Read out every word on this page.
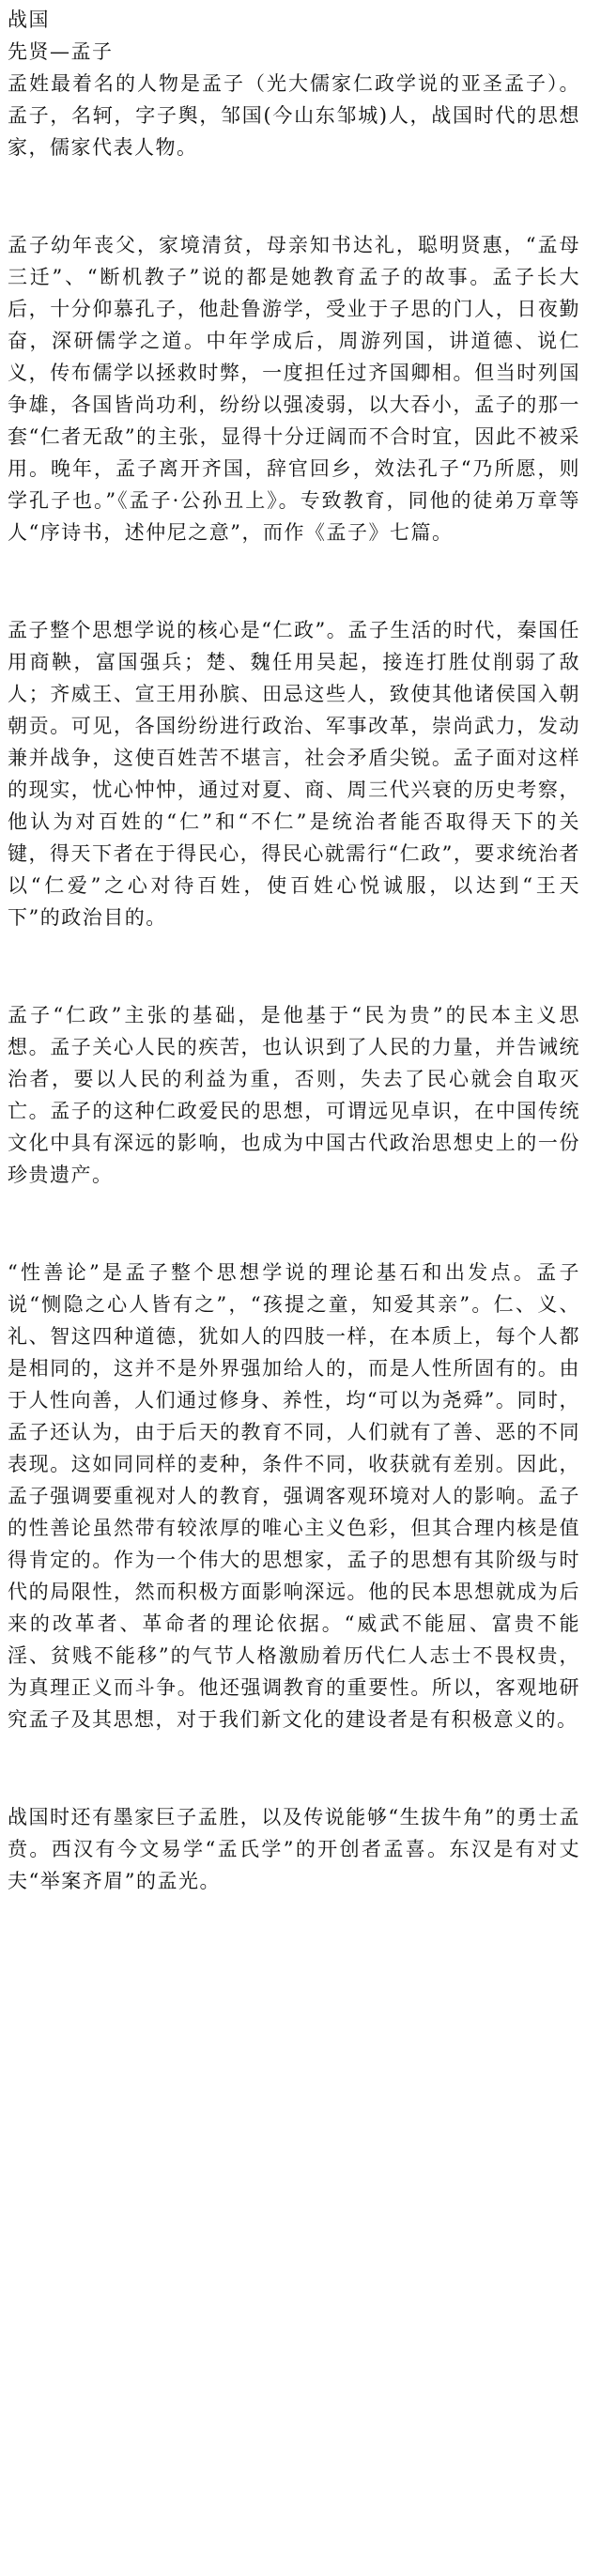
战国
先贤—孟子

孟姓最着名的人物是孟子（光大儒家仁政学说的亚圣孟子）。孟子，名轲，字子舆，邹国(今山东邹城)人，战国时代的思想家，儒家代表人物。

孟子幼年丧父，家境清贫，母亲知书达礼，聪明贤惠，“孟母三迁”、“断机教子”说的都是她教育孟子的故事。孟子长大后，十分仰慕孔子，他赴鲁游学，受业于子思的门人，日夜勤奋，深研儒学之道。中年学成后，周游列国，讲道德、说仁义，传布儒学以拯救时弊，一度担任过齐国卿相。但当时列国争雄，各国皆尚功利，纷纷以强凌弱，以大吞小，孟子的那一套“仁者无敌”的主张，显得十分迂阔而不合时宜，因此不被采用。晚年，孟子离开齐国，辞官回乡，效法孔子“乃所愿，则学孔子也。”《孟子·公孙丑上》。专致教育，同他的徒弟万章等人“序诗书，述仲尼之意”，而作《孟子》七篇。

孟子整个思想学说的核心是“仁政”。孟子生活的时代，秦国任用商鞅，富国强兵；楚、魏任用吴起，接连打胜仗削弱了敌人；齐威王、宣王用孙膑、田忌这些人，致使其他诸侯国入朝朝贡。可见，各国纷纷进行政治、军事改革，崇尚武力，发动兼并战争，这使百姓苦不堪言，社会矛盾尖锐。孟子面对这样的现实，忧心忡忡，通过对夏、商、周三代兴衰的历史考察，他认为对百姓的“仁”和“不仁”是统治者能否取得天下的关键，得天下者在于得民心，得民心就需行“仁政”，要求统治者以“仁爱”之心对待百姓，使百姓心悦诚服，以达到“王天下”的政治目的。

孟子“仁政”主张的基础，是他基于“民为贵”的民本主义思想。孟子关心人民的疾苦，也认识到了人民的力量，并告诫统治者，要以人民的利益为重，否则，失去了民心就会自取灭亡。孟子的这种仁政爱民的思想，可谓远见卓识，在中国传统文化中具有深远的影响，也成为中国古代政治思想史上的一份珍贵遗产。

“性善论”是孟子整个思想学说的理论基石和出发点。孟子说“恻隐之心人皆有之”，“孩提之童，知爱其亲”。仁、义、礼、智这四种道德，犹如人的四肢一样，在本质上，每个人都是相同的，这并不是外界强加给人的，而是人性所固有的。由于人性向善，人们通过修身、养性，均“可以为尧舜”。同时，孟子还认为，由于后天的教育不同，人们就有了善、恶的不同表现。这如同同样的麦种，条件不同，收获就有差别。因此，孟子强调要重视对人的教育，强调客观环境对人的影响。孟子的性善论虽然带有较浓厚的唯心主义色彩，但其合理内核是值得肯定的。作为一个伟大的思想家，孟子的思想有其阶级与时代的局限性，然而积极方面影响深远。他的民本思想就成为后来的改革者、革命者的理论依据。“威武不能屈、富贵不能淫、贫贱不能移”的气节人格激励着历代仁人志士不畏权贵，为真理正义而斗争。他还强调教育的重要性。所以，客观地研究孟子及其思想，对于我们新文化的建设者是有积极意义的。

战国时还有墨家巨子孟胜，以及传说能够“生拔牛角”的勇士孟贲。西汉有今文易学“孟氏学”的开创者孟喜。东汉是有对丈夫“举案齐眉”的孟光。
